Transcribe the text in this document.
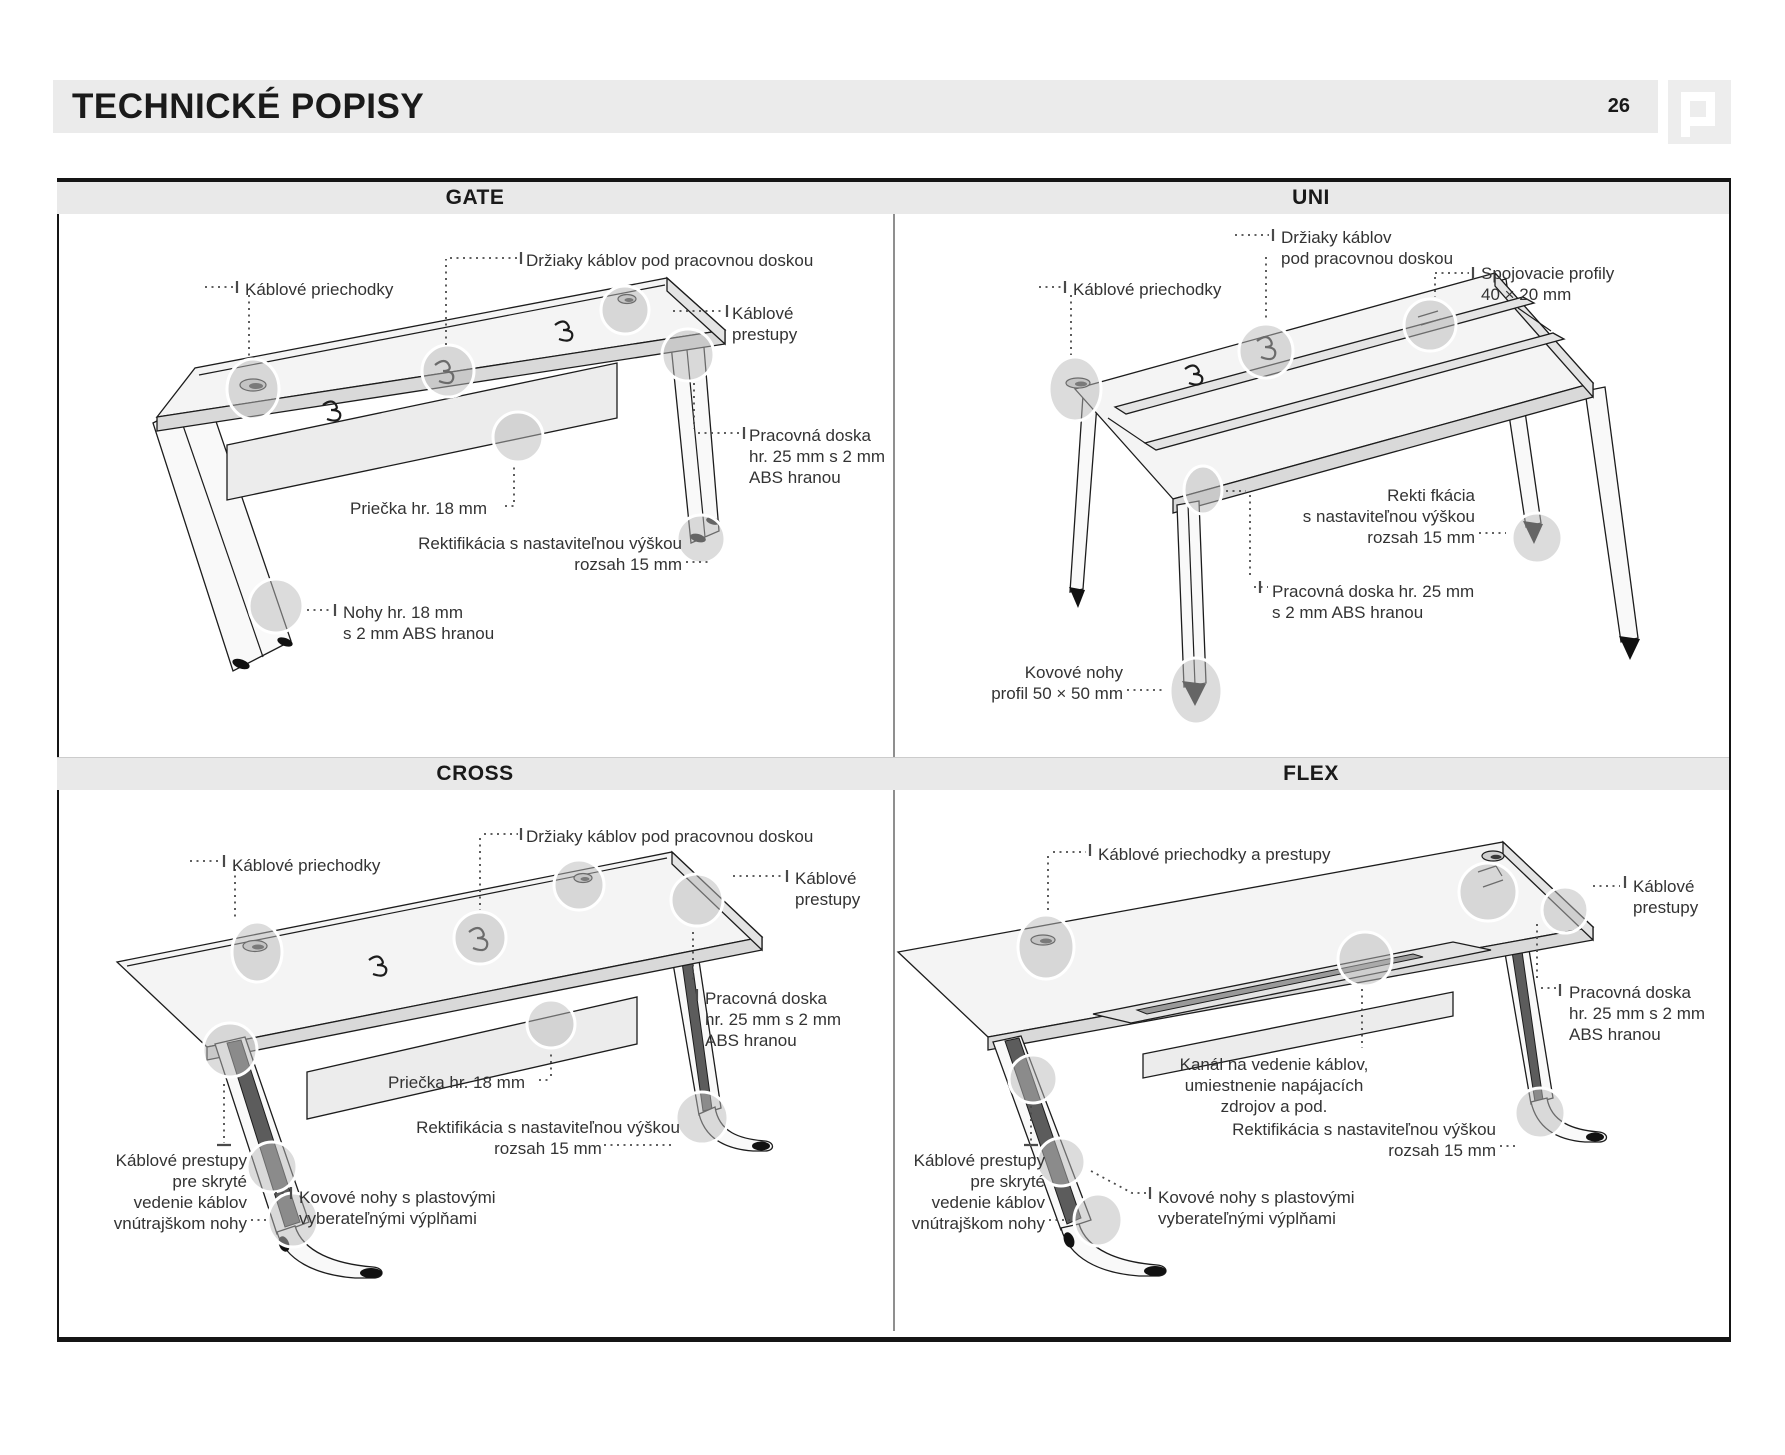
TECHNICKÉ POPISY	26
GATE	UNI
CROSS	FLEX
Držiaky káblov pod pracovnou doskou
Káblové priechodky
Káblové
prestupy
Pracovná doska
hr. 25 mm s 2 mm
ABS hranou
Priečka hr. 18 mm
Rektifikácia s nastaviteľnou výškou
rozsah 15 mm
Nohy hr. 18 mm
s 2 mm ABS hranou
Držiaky káblov
pod pracovnou doskou
Káblové priechodky
Spojovacie profily
40 × 20 mm
Rekti fkácia
s nastaviteľnou výškou
rozsah 15 mm
Pracovná doska hr. 25 mm
s 2 mm ABS hranou
Kovové nohy
profil 50 × 50 mm
Držiaky káblov pod pracovnou doskou
Káblové priechodky
Káblové
prestupy
Pracovná doska
hr. 25 mm s 2 mm
ABS hranou
Priečka hr. 18 mm
Rektifikácia s nastaviteľnou výškou
rozsah 15 mm
Káblové prestupy
pre skryté
vedenie káblov
vnútrajškom nohy
Kovové nohy s plastovými
vyberateľnými výplňami
Káblové priechodky a prestupy
Káblové
prestupy
Pracovná doska
hr. 25 mm s 2 mm
ABS hranou
Kanál na vedenie káblov,
umiestnenie napájacích
zdrojov a pod.
Rektifikácia s nastaviteľnou výškou
rozsah 15 mm
Káblové prestupy
pre skryté
vedenie káblov
vnútrajškom nohy
Kovové nohy s plastovými
vyberateľnými výplňami
